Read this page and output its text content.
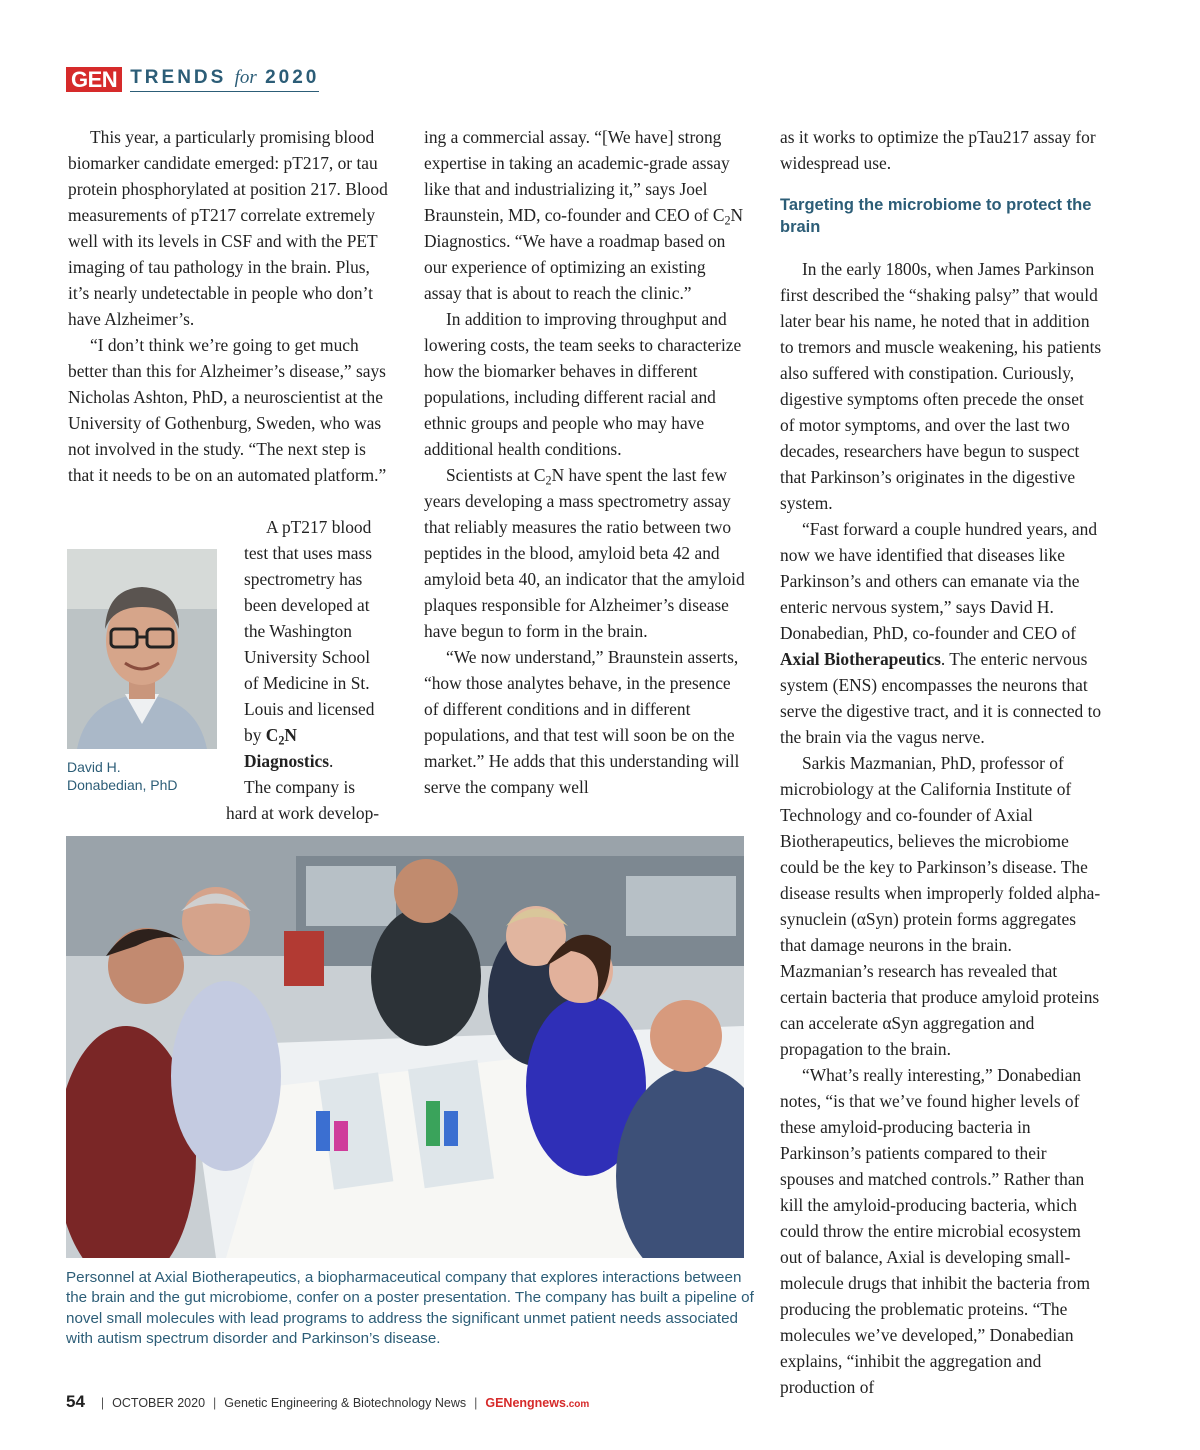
GEN TRENDS for 2020

This year, a particularly promising blood biomarker candidate emerged: pT217, or tau protein phosphorylated at position 217. Blood measurements of pT217 correlate extremely well with its levels in CSF and with the PET imaging of tau pathology in the brain. Plus, it’s nearly undetectable in people who don’t have Alzheimer’s.

“I don’t think we’re going to get much better than this for Alzheimer’s disease,” says Nicholas Ashton, PhD, a neuroscientist at the University of Gothenburg, Sweden, who was not involved in the study. “The next step is that it needs to be on an automated platform.”

A pT217 blood
test that uses mass
spectrometry has
been developed at
the Washington
University School
of Medicine in St.
Louis and licensed
by $C_2N$ Diagnostics.
The company is
hard at work develop-
David H.
Donabedian, PhD

ing a commercial assay. “[We have] strong expertise in taking an academic-grade assay like that and industrializing it,” says Joel Braunstein, MD, co-founder and CEO of $C_2N$ Diagnostics. “We have a roadmap based on our experience of optimizing an existing assay that is about to reach the clinic.”

In addition to improving throughput and lowering costs, the team seeks to characterize how the biomarker behaves in different populations, including different racial and ethnic groups and people who may have additional health conditions.

Scientists at $C_2N$ have spent the last few years developing a mass spectrometry assay that reliably measures the ratio between two peptides in the blood, amyloid beta 42 and amyloid beta 40, an indicator that the amyloid plaques responsible for Alzheimer’s disease have begun to form in the brain.

“We now understand,” Braunstein asserts, “how those analytes behave, in the presence of different conditions and in different populations, and that test will soon be on the market.” He adds that this understanding will serve the company well

as it works to optimize the pTau217 assay for widespread use.

Targeting the microbiome to protect the brain

In the early 1800s, when James Parkinson first described the “shaking palsy” that would later bear his name, he noted that in addition to tremors and muscle weakening, his patients also suffered with constipation. Curiously, digestive symptoms often precede the onset of motor symptoms, and over the last two decades, researchers have begun to suspect that Parkinson’s originates in the digestive system.

“Fast forward a couple hundred years, and now we have identified that diseases like Parkinson’s and others can emanate via the enteric nervous system,” says David H. Donabedian, PhD, co-founder and CEO of Axial Biotherapeutics. The enteric nervous system (ENS) encompasses the neurons that serve the digestive tract, and it is connected to the brain via the vagus nerve.

Sarkis Mazmanian, PhD, professor of microbiology at the California Institute of Technology and co-founder of Axial Biotherapeutics, believes the microbiome could be the key to Parkinson’s disease. The disease results when improperly folded alpha-synuclein (αSyn) protein forms aggregates that damage neurons in the brain. Mazmanian’s research has revealed that certain bacteria that produce amyloid proteins can accelerate αSyn aggregation and propagation to the brain.

“What’s really interesting,” Donabedian notes, “is that we’ve found higher levels of these amyloid-producing bacteria in Parkinson’s patients compared to their spouses and matched controls.” Rather than kill the amyloid-producing bacteria, which could throw the entire microbial ecosystem out of balance, Axial is developing small-molecule drugs that inhibit the bacteria from producing the problematic proteins. “The molecules we’ve developed,” Donabedian explains, “inhibit the aggregation and production of

Personnel at Axial Biotherapeutics, a biopharmaceutical company that explores interactions between the brain and the gut microbiome, confer on a poster presentation. The company has built a pipeline of novel small molecules with lead programs to address the significant unmet patient needs associated with autism spectrum disorder and Parkinson’s disease.
54 | OCTOBER 2020 | Genetic Engineering & Biotechnology News | GENengnews.com
